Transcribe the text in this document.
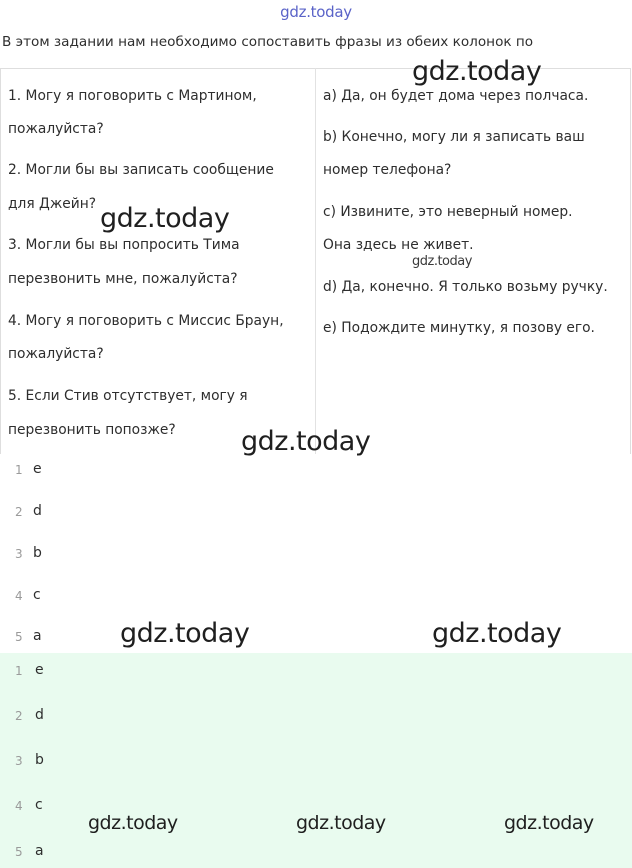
gdz.today
В этом задании нам необходимо сопоставить фразы из обеих колонок по
1. Могу я поговорить с Мартином,
пожалуйста?
2. Могли бы вы записать сообщение
для Джейн?
3. Могли бы вы попросить Тима
перезвонить мне, пожалуйста?
4. Могу я поговорить с Миссис Браун,
пожалуйста?
5. Если Стив отсутствует, могу я
перезвонить попозже?
a) Да, он будет дома через полчаса.
b) Конечно, могу ли я записать ваш
номер телефона?
c) Извините, это неверный номер.
Она здесь не живет.
d) Да, конечно. Я только возьму ручку.
e) Подождите минутку, я позову его.
1 e
2 d
3 b
4 c
5 a
1 e
2 d
3 b
4 c
5 a
gdz.today
gdz.today
gdz.today
gdz.today
gdz.today	gdz.today
gdz.today	gdz.today	gdz.today
